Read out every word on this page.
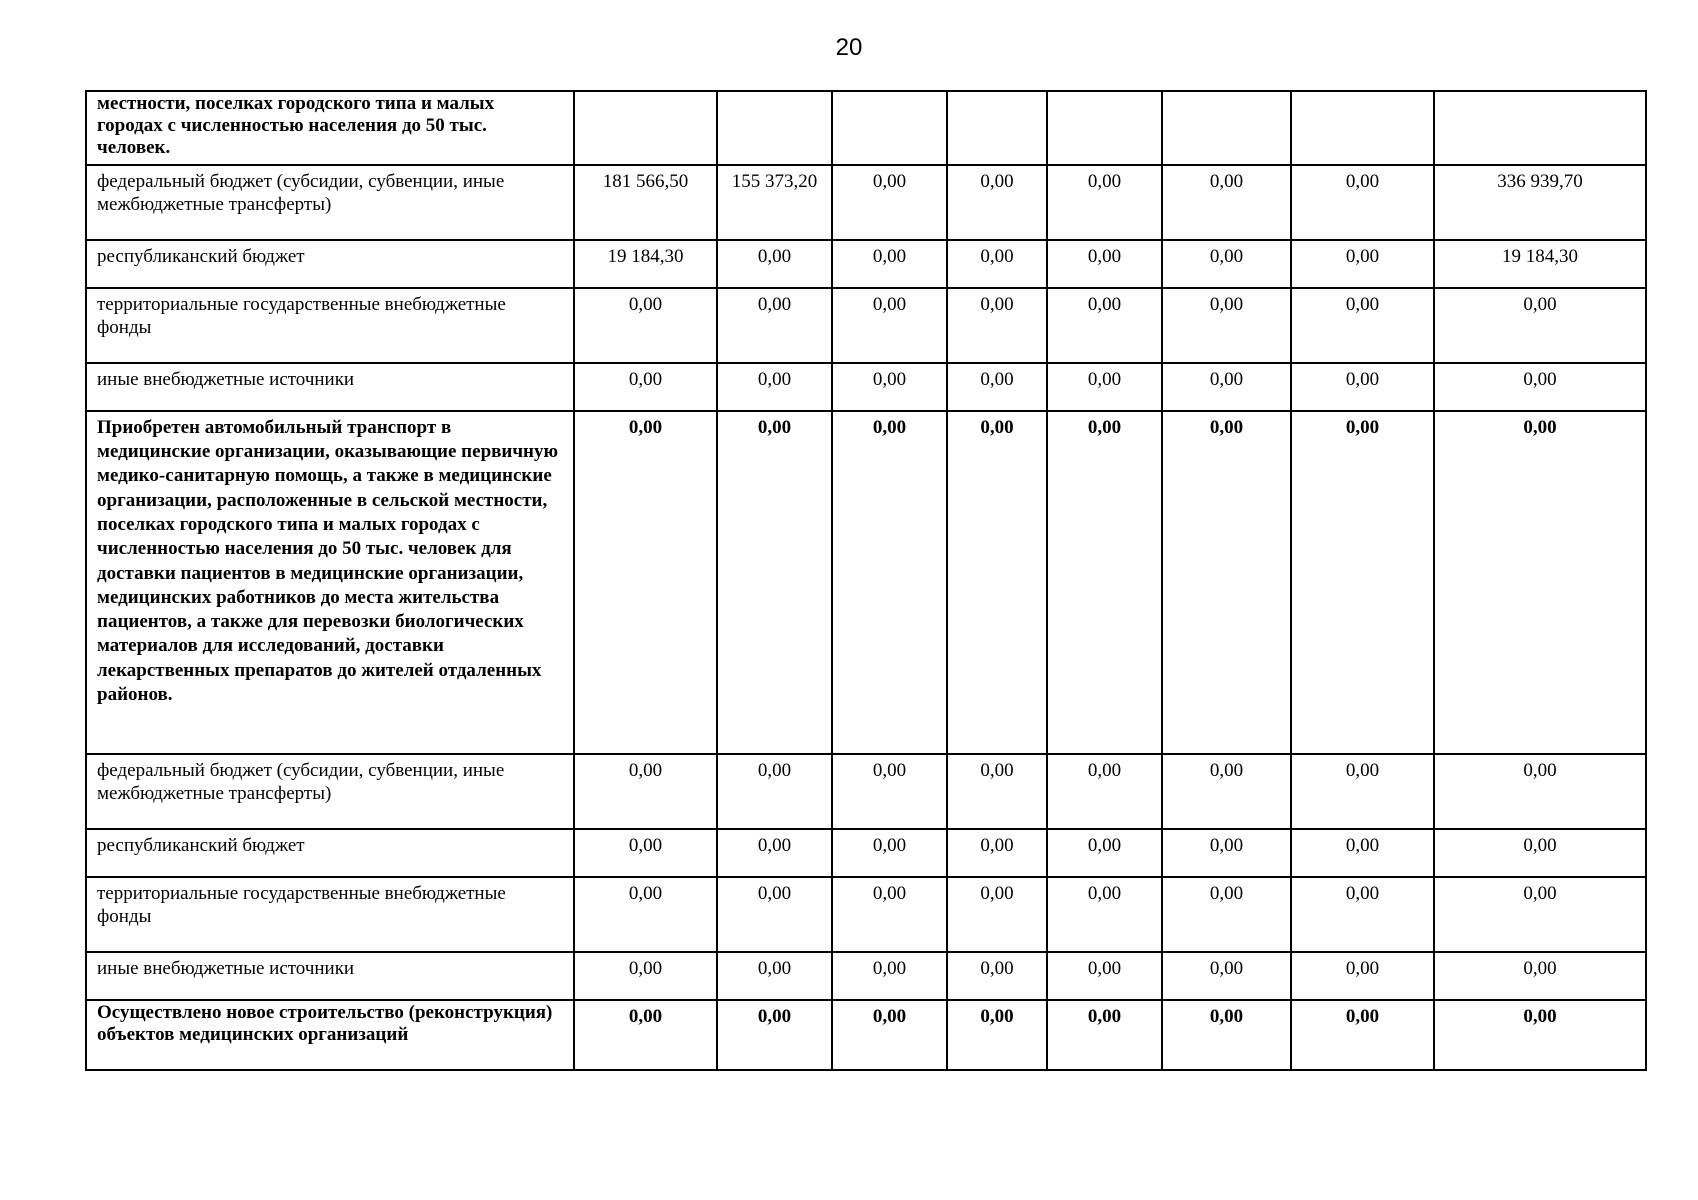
20
местности, поселках городского типа и малых городах с численностью населения до 50 тыс. человек.								
федеральный бюджет (субсидии, субвенции, иные межбюджетные трансферты)	181 566,50	155 373,20	0,00	0,00	0,00	0,00	0,00	336 939,70
республиканский бюджет	19 184,30	0,00	0,00	0,00	0,00	0,00	0,00	19 184,30
территориальные государственные внебюджетные фонды	0,00	0,00	0,00	0,00	0,00	0,00	0,00	0,00
иные внебюджетные источники	0,00	0,00	0,00	0,00	0,00	0,00	0,00	0,00
Приобретен автомобильный транспорт в медицинские организации, оказывающие первичную медико-санитарную помощь, а также в медицинские организации, расположенные в сельской местности, поселках городского типа и малых городах с численностью населения до 50 тыс. человек для доставки пациентов в медицинские организации, медицинских работников до места жительства пациентов, а также для перевозки биологических материалов для исследований, доставки лекарственных препаратов до жителей отдаленных районов.	0,00	0,00	0,00	0,00	0,00	0,00	0,00	0,00
федеральный бюджет (субсидии, субвенции, иные межбюджетные трансферты)	0,00	0,00	0,00	0,00	0,00	0,00	0,00	0,00
республиканский бюджет	0,00	0,00	0,00	0,00	0,00	0,00	0,00	0,00
территориальные государственные внебюджетные фонды	0,00	0,00	0,00	0,00	0,00	0,00	0,00	0,00
иные внебюджетные источники	0,00	0,00	0,00	0,00	0,00	0,00	0,00	0,00
Осуществлено новое строительство (реконструкция) объектов медицинских организаций	0,00	0,00	0,00	0,00	0,00	0,00	0,00	0,00
